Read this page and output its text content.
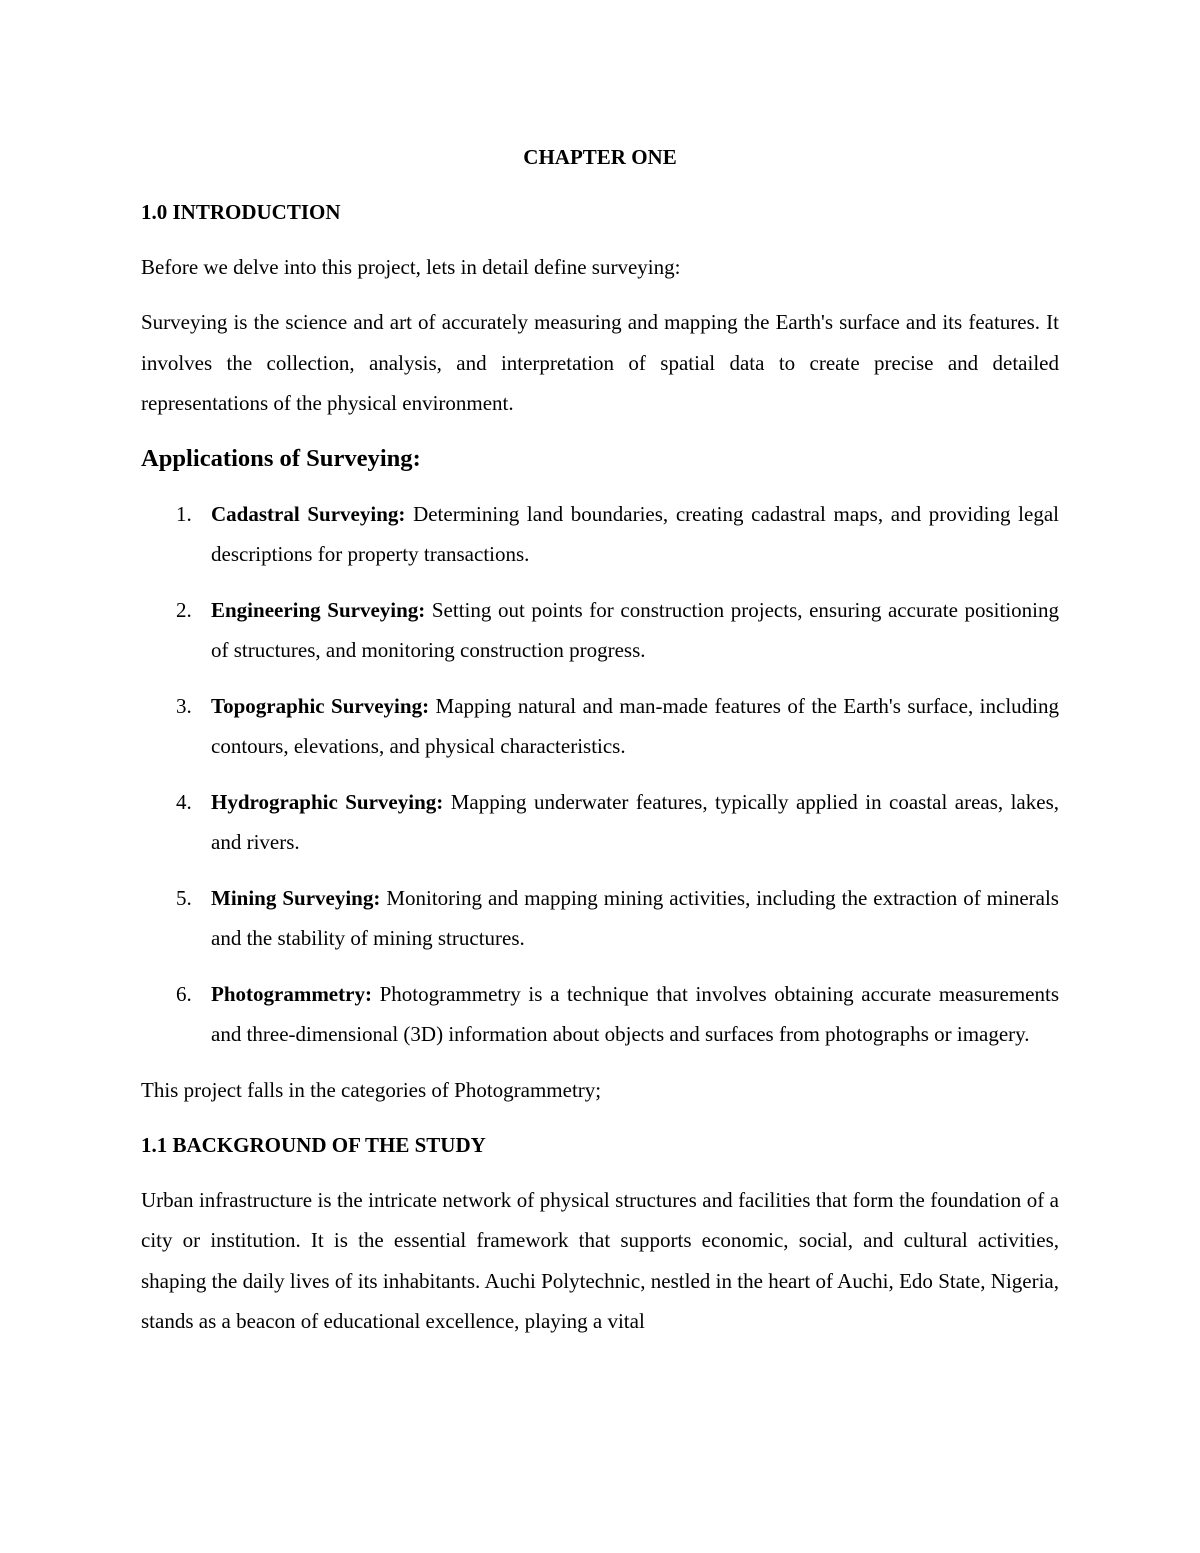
CHAPTER ONE
1.0 INTRODUCTION

Before we delve into this project, lets in detail define surveying:

Surveying is the science and art of accurately measuring and mapping the Earth's surface and its features. It involves the collection, analysis, and interpretation of spatial data to create precise and detailed representations of the physical environment.

Applications of Surveying:
1. Cadastral Surveying: Determining land boundaries, creating cadastral maps, and providing legal descriptions for property transactions.
2. Engineering Surveying: Setting out points for construction projects, ensuring accurate positioning of structures, and monitoring construction progress.
3. Topographic Surveying: Mapping natural and man-made features of the Earth's surface, including contours, elevations, and physical characteristics.
4. Hydrographic Surveying: Mapping underwater features, typically applied in coastal areas, lakes, and rivers.
5. Mining Surveying: Monitoring and mapping mining activities, including the extraction of minerals and the stability of mining structures.
6. Photogrammetry: Photogrammetry is a technique that involves obtaining accurate measurements and three-dimensional (3D) information about objects and surfaces from photographs or imagery.

This project falls in the categories of Photogrammetry;

1.1 BACKGROUND OF THE STUDY

Urban infrastructure is the intricate network of physical structures and facilities that form the foundation of a city or institution. It is the essential framework that supports economic, social, and cultural activities, shaping the daily lives of its inhabitants. Auchi Polytechnic, nestled in the heart of Auchi, Edo State, Nigeria, stands as a beacon of educational excellence, playing a vital
